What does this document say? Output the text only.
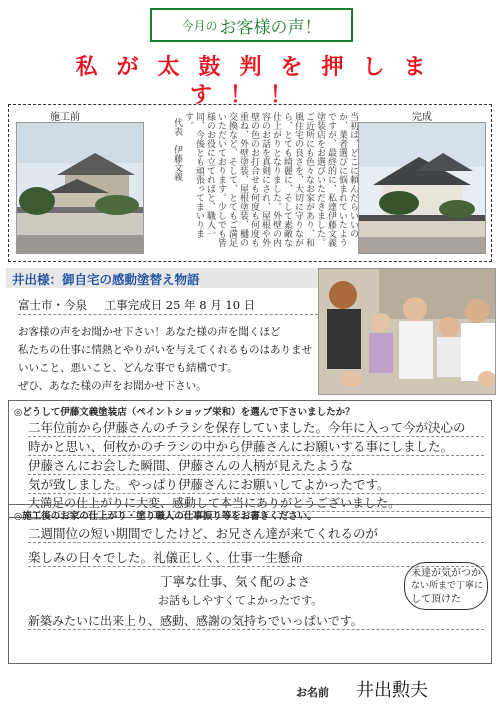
今月の お客様の声！
私が太鼓判を押しま
す！！
施工前	完成
当初は、どこに頼んだらいいのか、業者選びに悩まれていたようですが、最終的に、私達伊藤文義塗装店をお選びいただきました。ご近所にも色々なお家があり、和風住宅の良さを、大切に守りながら、とても綺麗に、そして素敵な仕上がりとなりました。外壁の内容のお話を真剣にされ、屋根や外壁の色のお打合せも何度も何度も重ね、外壁塗装、屋根塗装、樋の交換など、そして、とてもご満足いただいております。少しでも皆様のお役に立てればと、職人一同、今後とも頑張ってまいります。
代表　伊藤文義
井出様：御自宅の感動塗替え物語
富士市・今泉 工事完成日 25 年 8 月 10 日
お客様の声をお聞かせ下さい！あなた様の声を聞くほど
私たちの仕事に情熱とやりがいを与えてくれるものはありませ
いいこと、悪いこと、どんな事でも結構です。
ぜひ、あなた様の声をお聞かせ下さい。
◎どうして伊藤文義塗装店（ペイントショップ栄和）を選んで下さいましたか？
二年位前から伊藤さんのチラシを保存していました。今年に入って今が決心の
時かと思い、何枚かのチラシの中から伊藤さんにお願いする事にしました。
伊藤さんにお会した瞬間、伊藤さんの人柄が見えたような
気が致しました。やっぱり伊藤さんにお願いしてよかったです。
大満足の仕上がりに大変、感動して本当にありがとうございました。
◎施工後のお家の仕上がり・塗り職人の仕事振り等をお書きください。
二週間位の短い期間でしたけど、お兄さん達が来てくれるのが
楽しみの日々でした。礼儀正しく、仕事一生懸命
丁寧な仕事、気く配のよさ
お話もしやすくてよかったです。
新築みたいに出来上り、感動、感謝の気持ちでいっぱいです。
未達が気がつか
ない所まで丁寧に
して頂けた
お名前 井出勲夫
